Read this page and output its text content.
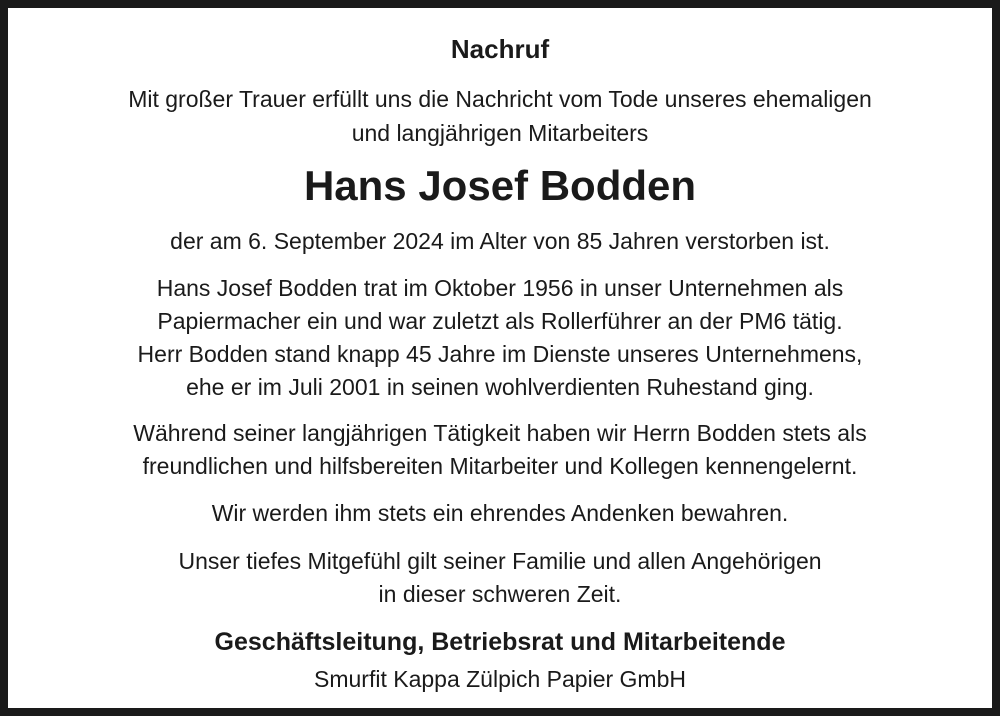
Nachruf
Mit großer Trauer erfüllt uns die Nachricht vom Tode unseres ehemaligen
und langjährigen Mitarbeiters
Hans Josef Bodden
der am 6. September 2024 im Alter von 85 Jahren verstorben ist.
Hans Josef Bodden trat im Oktober 1956 in unser Unternehmen als
Papiermacher ein und war zuletzt als Rollerführer an der PM6 tätig.
Herr Bodden stand knapp 45 Jahre im Dienste unseres Unternehmens,
ehe er im Juli 2001 in seinen wohlverdienten Ruhestand ging.
Während seiner langjährigen Tätigkeit haben wir Herrn Bodden stets als
freundlichen und hilfsbereiten Mitarbeiter und Kollegen kennengelernt.
Wir werden ihm stets ein ehrendes Andenken bewahren.
Unser tiefes Mitgefühl gilt seiner Familie und allen Angehörigen
in dieser schweren Zeit.
Geschäftsleitung, Betriebsrat und Mitarbeitende
Smurfit Kappa Zülpich Papier GmbH
